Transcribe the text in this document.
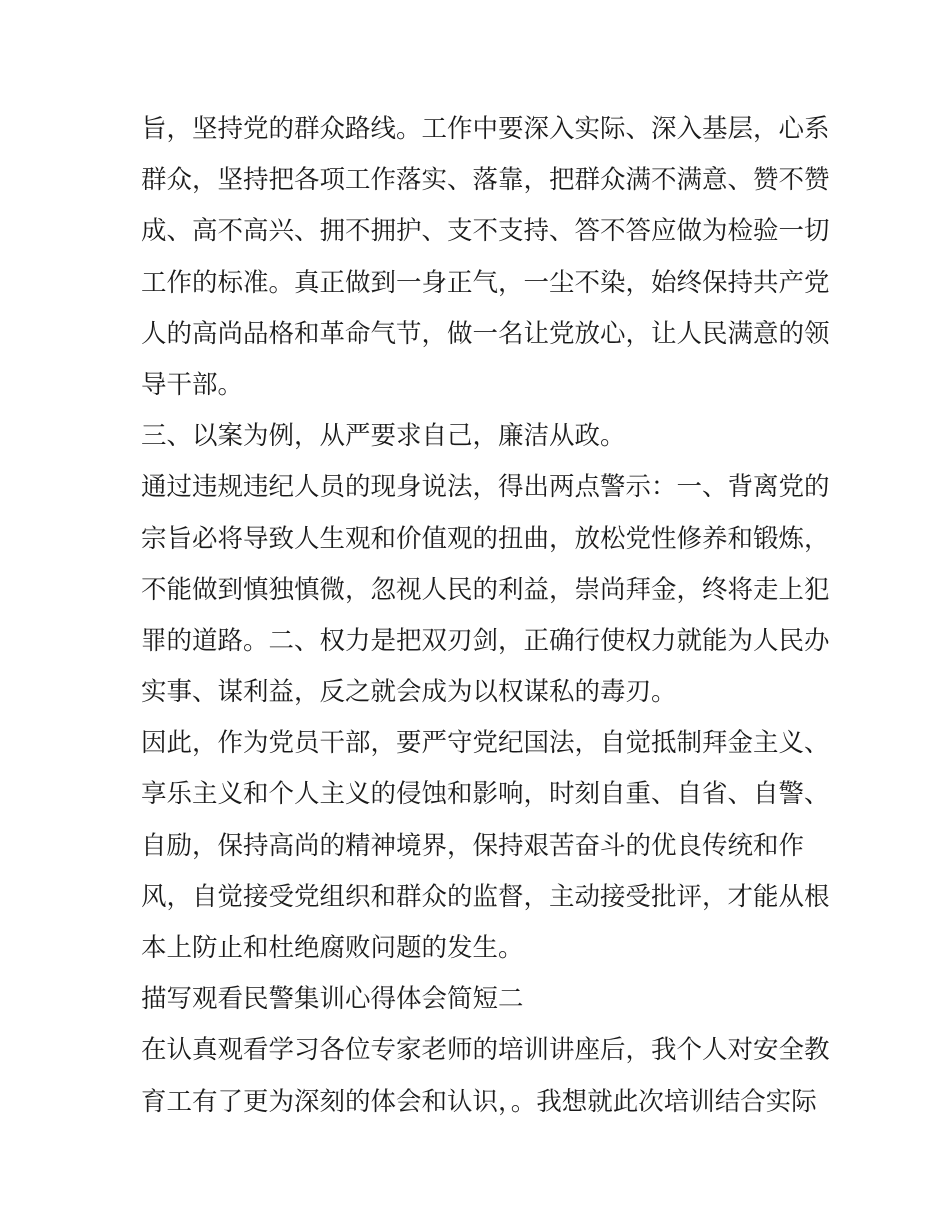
旨，坚持党的群众路线。工作中要深入实际、深入基层，心系
群众，坚持把各项工作落实、落靠，把群众满不满意、赞不赞
成、高不高兴、拥不拥护、支不支持、答不答应做为检验一切
工作的标准。真正做到一身正气，一尘不染，始终保持共产党
人的高尚品格和革命气节，做一名让党放心，让人民满意的领
导干部。
三、以案为例，从严要求自己，廉洁从政。
通过违规违纪人员的现身说法，得出两点警示：一、背离党的
宗旨必将导致人生观和价值观的扭曲，放松党性修养和锻炼，
不能做到慎独慎微，忽视人民的利益，崇尚拜金，终将走上犯
罪的道路。二、权力是把双刃剑，正确行使权力就能为人民办
实事、谋利益，反之就会成为以权谋私的毒刃。
因此，作为党员干部，要严守党纪国法，自觉抵制拜金主义、
享乐主义和个人主义的侵蚀和影响，时刻自重、自省、自警、
自励，保持高尚的精神境界，保持艰苦奋斗的优良传统和作
风，自觉接受党组织和群众的监督，主动接受批评，才能从根
本上防止和杜绝腐败问题的发生。
描写观看民警集训心得体会简短二
在认真观看学习各位专家老师的培训讲座后，我个人对安全教
育工有了更为深刻的体会和认识，。我想就此次培训结合实际
